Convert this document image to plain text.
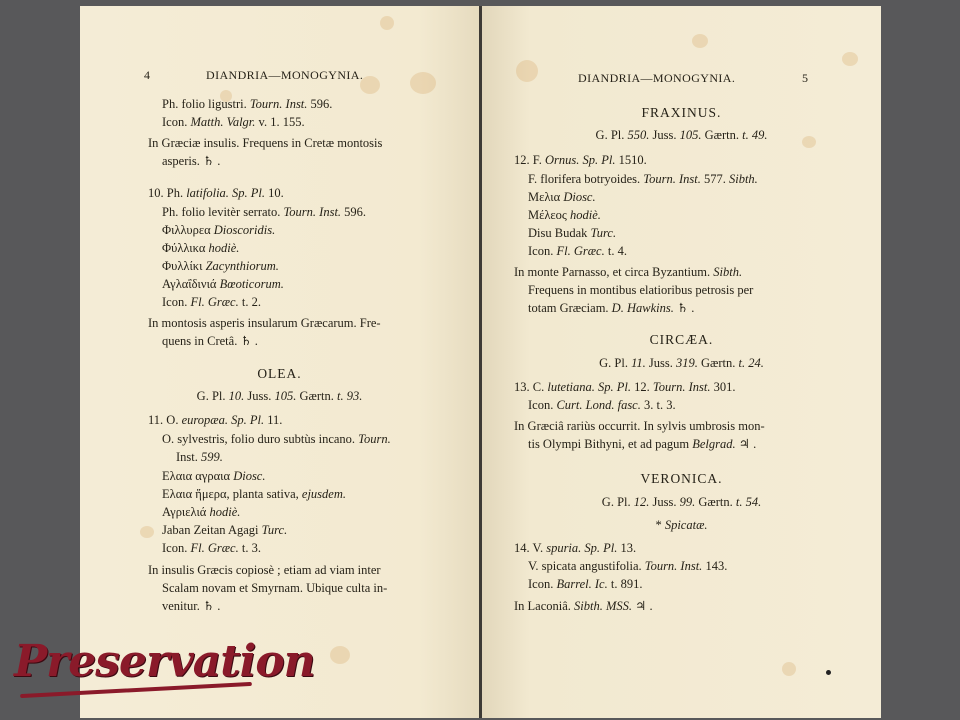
4	DIANDRIA—MONOGYNIA.
Ph. folio ligustri. Tourn. Inst. 596.
Icon. Matth. Valgr. v. 1. 155.
In Græciæ insulis. Frequens in Cretæ montosis
asperis. ♄ .
10. Ph. latifolia. Sp. Pl. 10.
Ph. folio levitèr serrato. Tourn. Inst. 596.
Φιλλυρεα Dioscoridis.
Φύλλικα hodiè.
Φυλλίκι Zacynthiorum.
Αγλαΐδινιά Bœoticorum.
Icon. Fl. Græc. t. 2.
In montosis asperis insularum Græcarum. Fre-
quens in Cretâ. ♄ .
OLEA.
G. Pl. 10. Juss. 105. Gærtn. t. 93.
11. O. europæa. Sp. Pl. 11.
O. sylvestris, folio duro subtùs incano. Tourn.
Inst. 599.
Ελαια αγραια Diosc.
Ελαια ἥμερα, planta sativa, ejusdem.
Αγριελιά hodiè.
Jaban Zeitan Agagi Turc.
Icon. Fl. Græc. t. 3.
In insulis Græcis copiosè ; etiam ad viam inter
Scalam novam et Smyrnam. Ubique culta in-
venitur. ♄ .
DIANDRIA—MONOGYNIA.	5
FRAXINUS.
G. Pl. 550. Juss. 105. Gærtn. t. 49.
12. F. Ornus. Sp. Pl. 1510.
F. florifera botryoides. Tourn. Inst. 577. Sibth.
Μελια Diosc.
Μέλεος hodiè.
Disu Budak Turc.
Icon. Fl. Græc. t. 4.
In monte Parnasso, et circa Byzantium. Sibth.
Frequens in montibus elatioribus petrosis per
totam Græciam. D. Hawkins. ♄ .
CIRCÆA.
G. Pl. 11. Juss. 319. Gærtn. t. 24.
13. C. lutetiana. Sp. Pl. 12. Tourn. Inst. 301.
Icon. Curt. Lond. fasc. 3. t. 3.
In Græciâ rariùs occurrit. In sylvis umbrosis mon-
tis Olympi Bithyni, et ad pagum Belgrad. ♃ .
VERONICA.
G. Pl. 12. Juss. 99. Gærtn. t. 54.
* Spicatæ.
14. V. spuria. Sp. Pl. 13.
V. spicata angustifolia. Tourn. Inst. 143.
Icon. Barrel. Ic. t. 891.
In Laconiâ. Sibth. MSS. ♃ .
Preservation
